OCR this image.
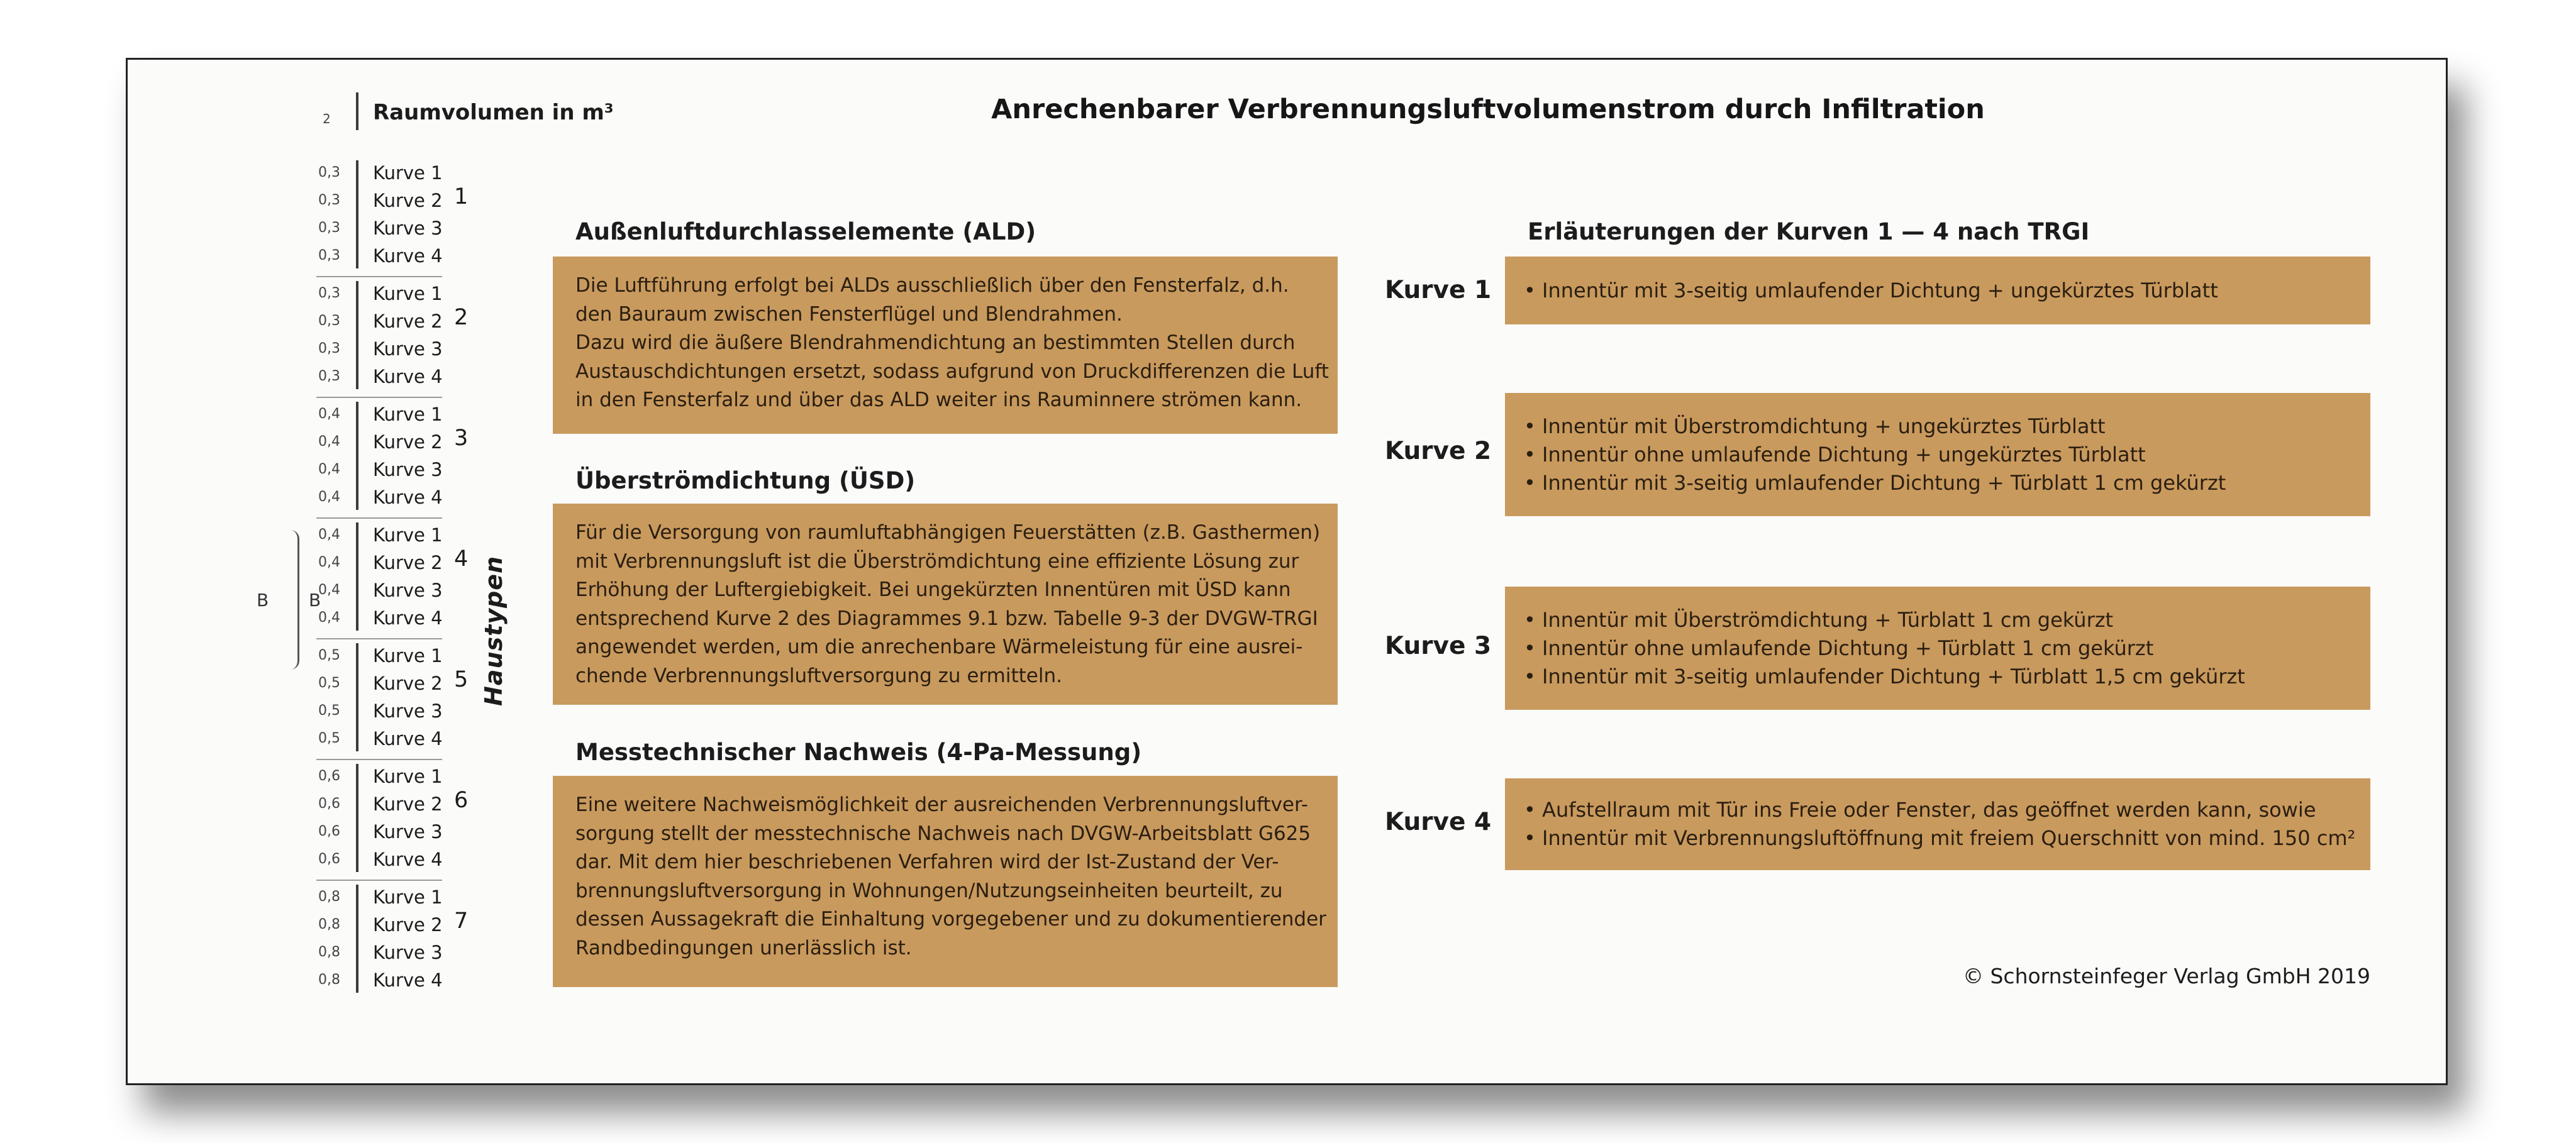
B B
Anrechenbarer Verbrennungsluftvolumenstrom durch Infiltration
2 Raumvolumen in m³
0,3 Kurve 1
0,3 Kurve 2
0,3 Kurve 3
0,3 Kurve 4
1
0,3 Kurve 1
0,3 Kurve 2
0,3 Kurve 3
0,3 Kurve 4
2
0,4 Kurve 1
0,4 Kurve 2
0,4 Kurve 3
0,4 Kurve 4
3
0,4 Kurve 1
0,4 Kurve 2
0,4 Kurve 3
0,4 Kurve 4
4
0,5 Kurve 1
0,5 Kurve 2
0,5 Kurve 3
0,5 Kurve 4
5
0,6 Kurve 1
0,6 Kurve 2
0,6 Kurve 3
0,6 Kurve 4
6
0,8 Kurve 1
0,8 Kurve 2
0,8 Kurve 3
0,8 Kurve 4
7
Haustypen
Außenluftdurchlasselemente (ALD)

Die Luftführung erfolgt bei ALDs ausschließlich über den Fensterfalz, d.h.

den Bauraum zwischen Fensterflügel und Blendrahmen.

Dazu wird die äußere Blendrahmendichtung an bestimmten Stellen durch

Austauschdichtungen ersetzt, sodass aufgrund von Druckdifferenzen die Luft

in den Fensterfalz und über das ALD weiter ins Rauminnere strömen kann.

Überströmdichtung (ÜSD)

Für die Versorgung von raumluftabhängigen Feuerstätten (z.B. Gasthermen)

mit Verbrennungsluft ist die Überströmdichtung eine effiziente Lösung zur

Erhöhung der Luftergiebigkeit. Bei ungekürzten Innentüren mit ÜSD kann

entsprechend Kurve 2 des Diagrammes 9.1 bzw. Tabelle 9-3 der DVGW-TRGI

angewendet werden, um die anrechenbare Wärmeleistung für eine ausrei-

chende Verbrennungsluftversorgung zu ermitteln.

Messtechnischer Nachweis (4-Pa-Messung)

Eine weitere Nachweismöglichkeit der ausreichenden Verbrennungsluftver-

sorgung stellt der messtechnische Nachweis nach DVGW-Arbeitsblatt G625

dar. Mit dem hier beschriebenen Verfahren wird der Ist-Zustand der Ver-

brennungsluftversorgung in Wohnungen/Nutzungseinheiten beurteilt, zu

dessen Aussagekraft die Einhaltung vorgegebener und zu dokumentierender

Randbedingungen unerlässlich ist.

Erläuterungen der Kurven 1 — 4 nach TRGI
Kurve 1 • Innentür mit 3-seitig umlaufender Dichtung + ungekürztes Türblatt
Kurve 2
• Innentür mit Überstromdichtung + ungekürztes Türblatt
• Innentür ohne umlaufende Dichtung + ungekürztes Türblatt
• Innentür mit 3-seitig umlaufender Dichtung + Türblatt 1 cm gekürzt
Kurve 3
• Innentür mit Überströmdichtung + Türblatt 1 cm gekürzt
• Innentür ohne umlaufende Dichtung + Türblatt 1 cm gekürzt
• Innentür mit 3-seitig umlaufender Dichtung + Türblatt 1,5 cm gekürzt
Kurve 4 • Aufstellraum mit Tür ins Freie oder Fenster, das geöffnet werden kann, sowie
• Innentür mit Verbrennungsluftöffnung mit freiem Querschnitt von mind. 150 cm²
© Schornsteinfeger Verlag GmbH 2019
